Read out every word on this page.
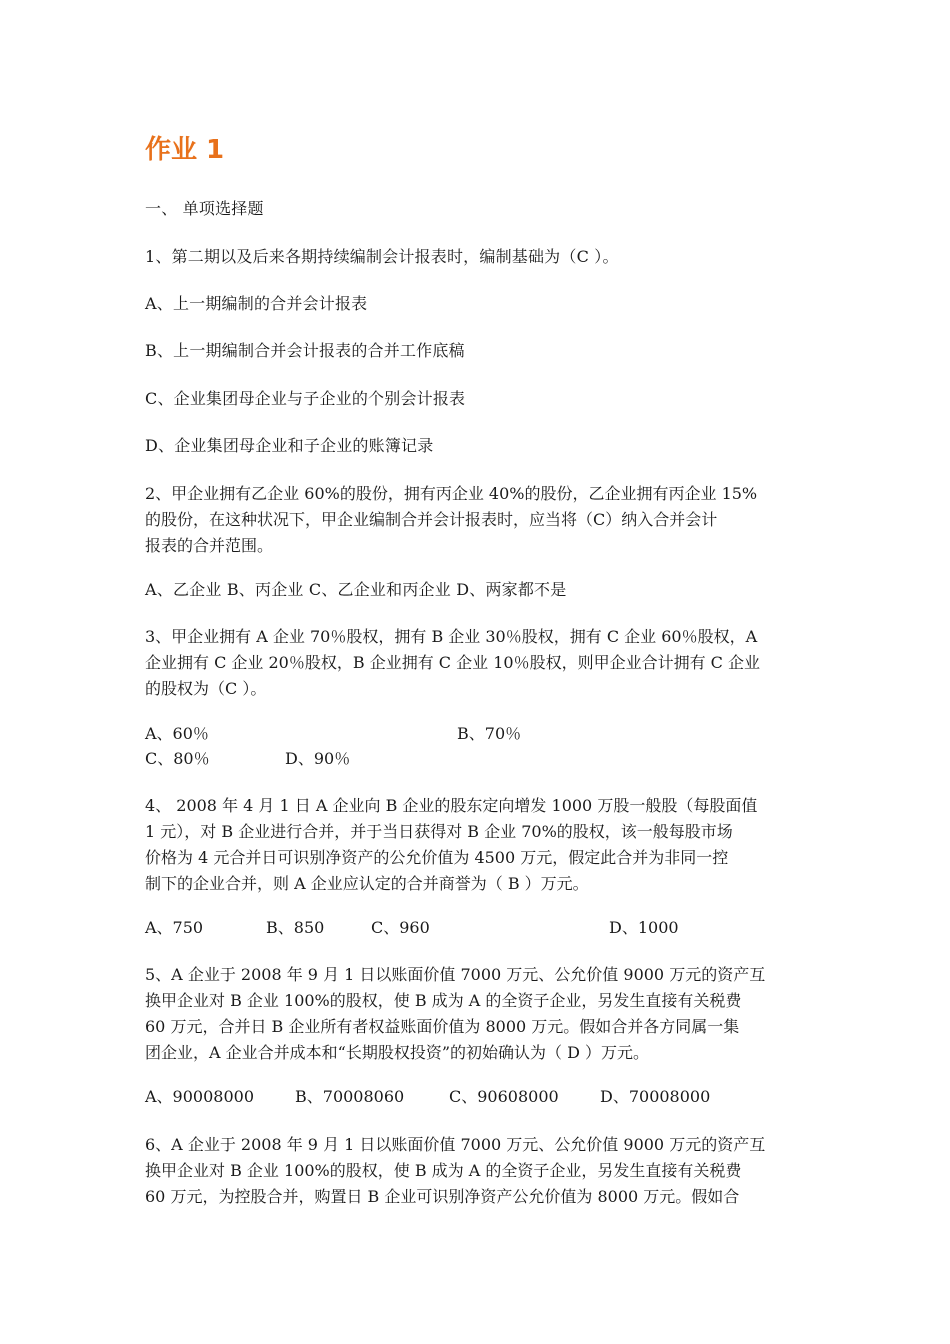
作业 1

一、 单项选择题

1、第二期以及后来各期持续编制会计报表时，编制基础为（C ）。

A、上一期编制的合并会计报表

B、上一期编制合并会计报表的合并工作底稿

C、企业集团母企业与子企业的个别会计报表

D、企业集团母企业和子企业的账簿记录

2、甲企业拥有乙企业 60%的股份，拥有丙企业 40%的股份，乙企业拥有丙企业 15%
的股份，在这种状况下，甲企业编制合并会计报表时，应当将（C）纳入合并会计
报表的合并范围。

A、乙企业 B、丙企业 C、乙企业和丙企业 D、两家都不是

3、甲企业拥有 A 企业 70％股权，拥有 B 企业 30％股权，拥有 C 企业 60％股权，A
企业拥有 C 企业 20％股权，B 企业拥有 C 企业 10％股权，则甲企业合计拥有 C 企业
的股权为（C ）。
A、60％	B、70％
C、80％	D、90％
4、 2008 年 4 月 1 日 A 企业向 B 企业的股东定向增发 1000 万股一般股（每股面值
1 元），对 B 企业进行合并，并于当日获得对 B 企业 70%的股权，该一般每股市场
价格为 4 元合并日可识别净资产的公允价值为 4500 万元，假定此合并为非同一控
制下的企业合并，则 A 企业应认定的合并商誉为（ B ）万元。
A、750	B、850	C、960	D、1000
5、A 企业于 2008 年 9 月 1 日以账面价值 7000 万元、公允价值 9000 万元的资产互
换甲企业对 B 企业 100%的股权，使 B 成为 A 的全资子企业，另发生直接有关税费
60 万元，合并日 B 企业所有者权益账面价值为 8000 万元。假如合并各方同属一集
团企业，A 企业合并成本和“长期股权投资”的初始确认为（ D ）万元。
A、90008000	B、70008060	C、90608000	D、70008000
6、A 企业于 2008 年 9 月 1 日以账面价值 7000 万元、公允价值 9000 万元的资产互
换甲企业对 B 企业 100%的股权，使 B 成为 A 的全资子企业，另发生直接有关税费
60 万元，为控股合并，购置日 B 企业可识别净资产公允价值为 8000 万元。假如合
